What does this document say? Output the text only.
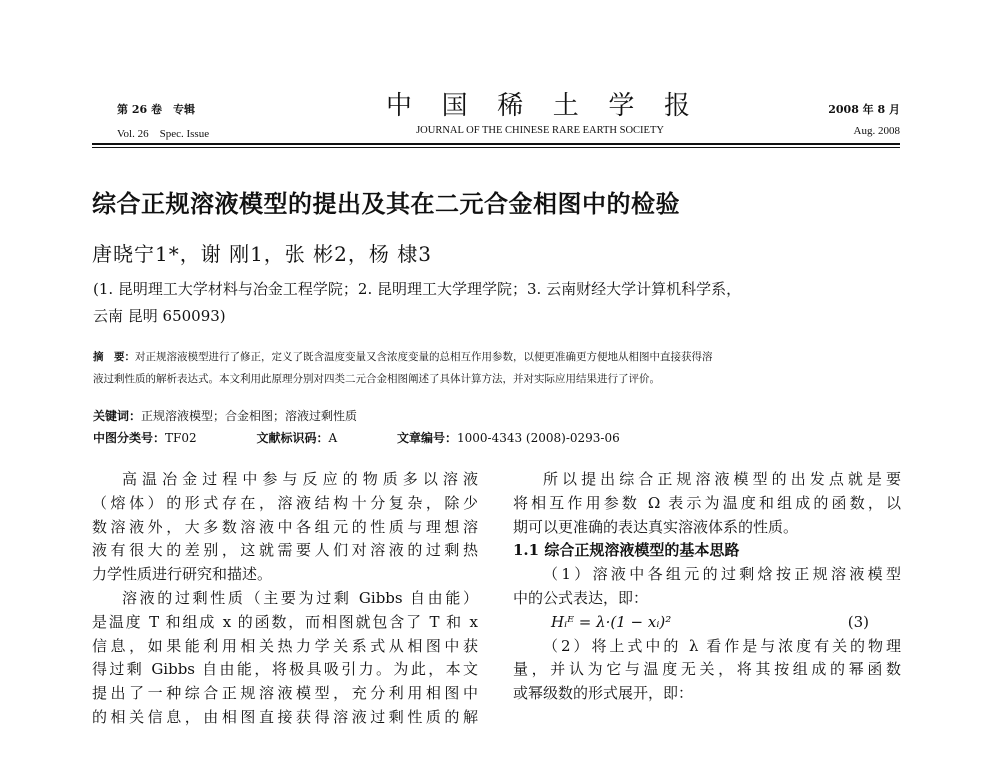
第 26 卷　专辑
Vol. 26　Spec. Issue
中国稀土学报
JOURNAL OF THE CHINESE RARE EARTH SOCIETY
2008 年 8 月
Aug. 2008
综合正规溶液模型的提出及其在二元合金相图中的检验
唐晓宁1*，谢 刚1，张 彬2，杨 棣3
(1. 昆明理工大学材料与冶金工程学院；2. 昆明理工大学理学院；3. 云南财经大学计算机科学系，
云南 昆明 650093)
摘　要：对正规溶液模型进行了修正，定义了既含温度变量又含浓度变量的总相互作用参数，以便更准确更方便地从相图中直接获得溶
液过剩性质的解析表达式。本文利用此原理分别对四类二元合金相图阐述了具体计算方法，并对实际应用结果进行了评价。
关键词：正规溶液模型；合金相图；溶液过剩性质
中图分类号：TF02	文献标识码：A	文章编号：1000-4343 (2008)-0293-06
高温冶金过程中参与反应的物质多以溶液
（熔体）的形式存在，溶液结构十分复杂，除少
数溶液外，大多数溶液中各组元的性质与理想溶
液有很大的差别，这就需要人们对溶液的过剩热
力学性质进行研究和描述。
溶液的过剩性质（主要为过剩 Gibbs 自由能）
是温度 T 和组成 x 的函数，而相图就包含了 T 和 x
信息，如果能利用相关热力学关系式从相图中获
得过剩 Gibbs 自由能，将极具吸引力。为此，本文
提出了一种综合正规溶液模型，充分利用相图中
的相关信息，由相图直接获得溶液过剩性质的解
所以提出综合正规溶液模型的出发点就是要
将相互作用参数 Ω 表示为温度和组成的函数，以
期可以更准确的表达真实溶液体系的性质。
1.1 综合正规溶液模型的基本思路
（1）溶液中各组元的过剩焓按正规溶液模型
中的公式表达，即：
Hᵢᴱ = λ·(1 − xᵢ)²	(3)
（2）将上式中的 λ 看作是与浓度有关的物理
量，并认为它与温度无关，将其按组成的幂函数
或幂级数的形式展开，即：
